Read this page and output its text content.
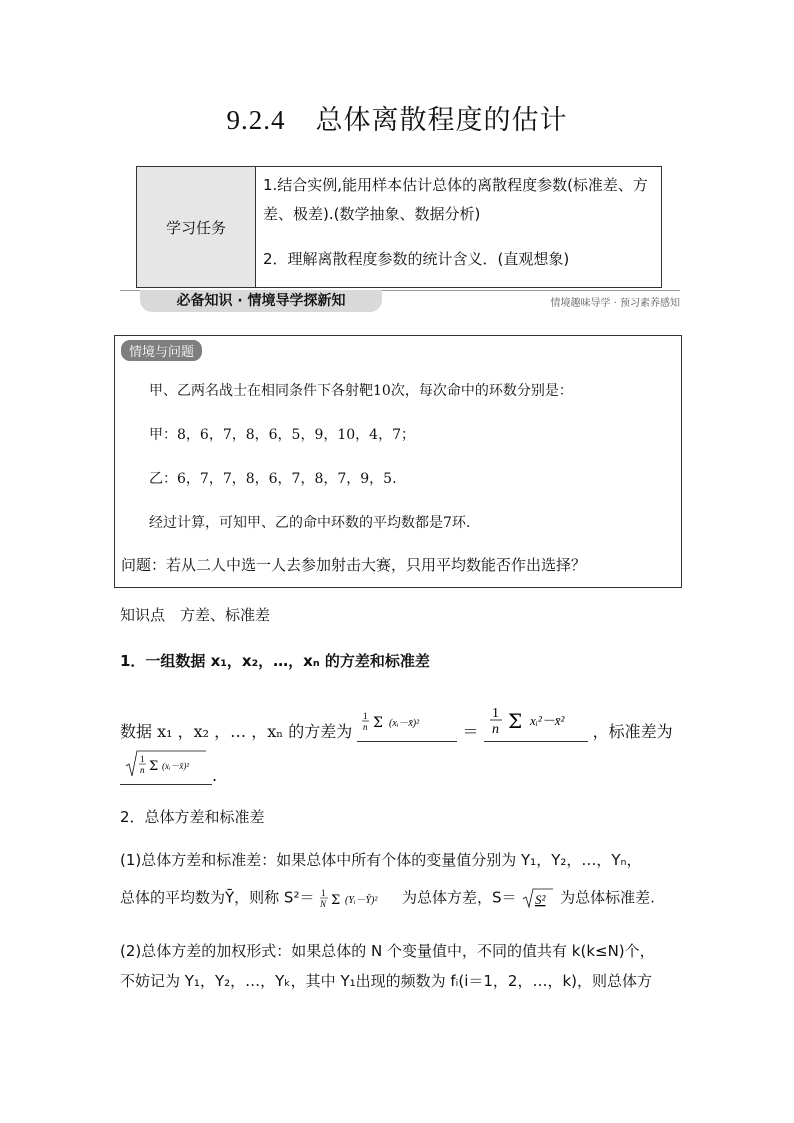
9.2.4 总体离散程度的估计
学习任务
1.结合实例,能用样本估计总体的离散程度参数(标准差、方差、极差).(数学抽象、数据分析)
2．理解离散程度参数的统计含义．(直观想象)
必备知识 · 情境导学探新知	情境趣味导学 · 预习素养感知
情境与问题
甲、乙两名战士在相同条件下各射靶10次，每次命中的环数分别是：
甲：8，6，7，8，6，5，9，10，4，7；
乙：6，7，7，8，6，7，8，7，9，5.
经过计算，可知甲、乙的命中环数的平均数都是7环.
问题：若从二人中选一人去参加射击大赛，只用平均数能否作出选择？
知识点　方差、标准差
1．一组数据 x₁，x₂，…，xₙ 的方差和标准差
数据 x₁ ，x₂ ，… ，xₙ 的方差为
1
n Σ (xᵢ－x̄)²
＝
1
n Σ xᵢ²－x̄²
，标准差为
1
n Σ (xᵢ－x̄)² .
2．总体方差和标准差
(1)总体方差和标准差：如果总体中所有个体的变量值分别为 Y₁，Y₂，…，Yₙ，
总体的平均数为Ȳ，则称 S²＝ 1
N Σ (Yᵢ－Ȳ)² 为总体方差，S＝ S² 为总体标准差.
(2)总体方差的加权形式：如果总体的 N 个变量值中，不同的值共有 k(k≤N)个，
不妨记为 Y₁，Y₂，…，Yₖ，其中 Y₁出现的频数为 fᵢ(i＝1，2，…，k)，则总体方
